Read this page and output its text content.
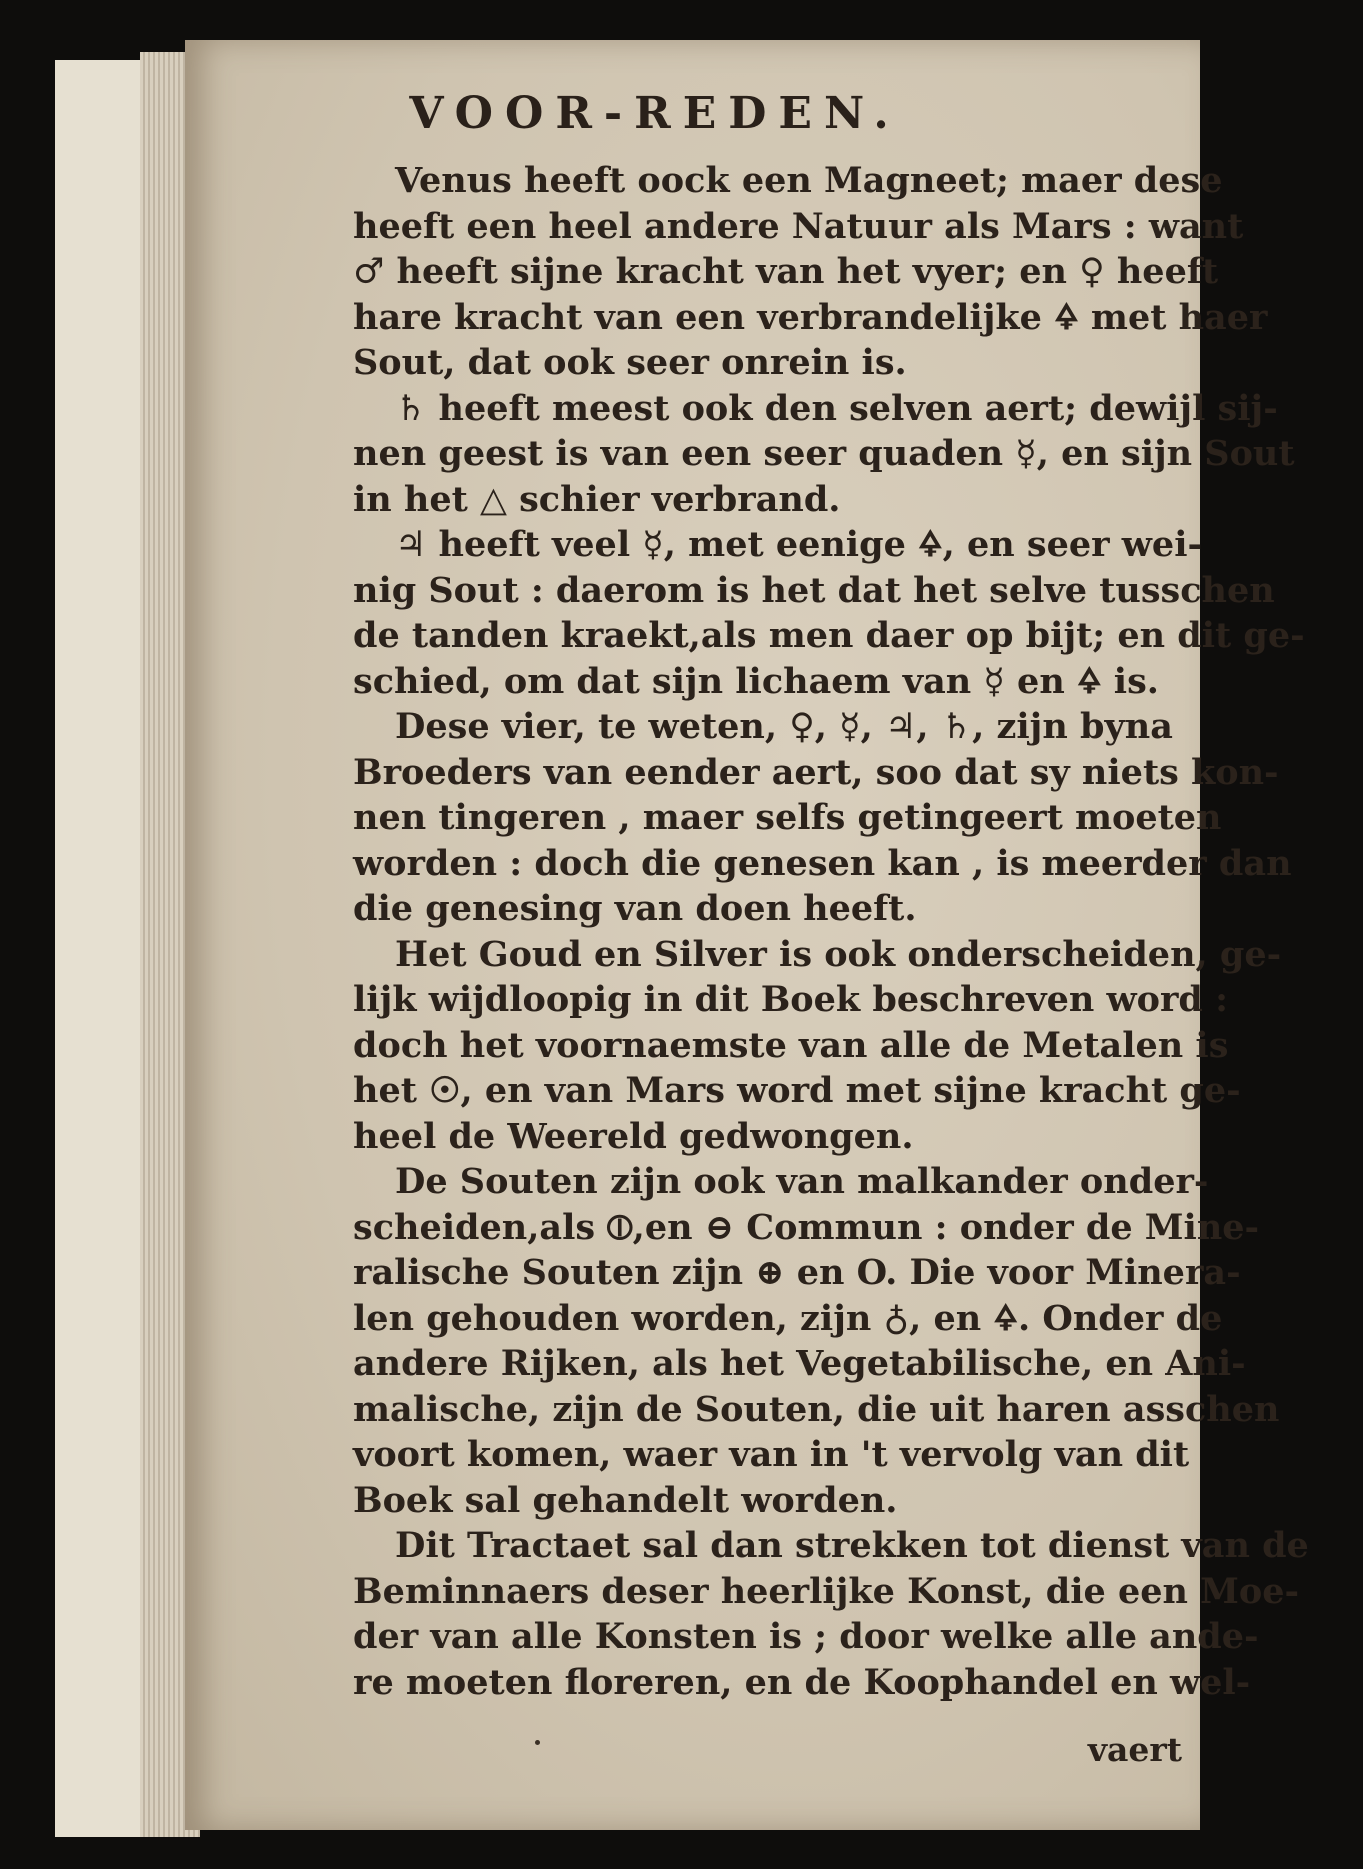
VOOR-REDEN.
Venus heeft oock een Magneet; maer dese
heeft een heel andere Natuur als Mars : want
♂ heeft sijne kracht van het vyer; en ♀ heeft
hare kracht van een verbrandelijke 🜍 met haer
Sout, dat ook seer onrein is.
♄ heeft meest ook den selven aert; dewijl sij-
nen geest is van een seer quaden ☿, en sijn Sout
in het △ schier verbrand.
♃ heeft veel ☿, met eenige 🜍, en seer wei-
nig Sout : daerom is het dat het selve tusschen
de tanden kraekt,als men daer op bijt; en dit ge-
schied, om dat sijn lichaem van ☿ en 🜍 is.
Dese vier, te weten, ♀, ☿, ♃, ♄, zijn byna
Broeders van eender aert, soo dat sy niets kon-
nen tingeren , maer selfs getingeert moeten
worden : doch die genesen kan , is meerder dan
die genesing van doen heeft.
Het Goud en Silver is ook onderscheiden, ge-
lijk wijdloopig in dit Boek beschreven word :
doch het voornaemste van alle de Metalen is
het ☉, en van Mars word met sijne kracht ge-
heel de Weereld gedwongen.
De Souten zijn ook van malkander onder-
scheiden,als ⦶,en ⊖ Commun : onder de Mine-
ralische Souten zijn ⊕ en O. Die voor Minera-
len gehouden worden, zijn ♁, en 🜍. Onder de
andere Rijken, als het Vegetabilische, en Ani-
malische, zijn de Souten, die uit haren asschen
voort komen, waer van in 't vervolg van dit
Boek sal gehandelt worden.
Dit Tractaet sal dan strekken tot dienst van de
Beminnaers deser heerlijke Konst, die een Moe-
der van alle Konsten is ; door welke alle ande-
re moeten floreren, en de Koophandel en wel-
vaert
